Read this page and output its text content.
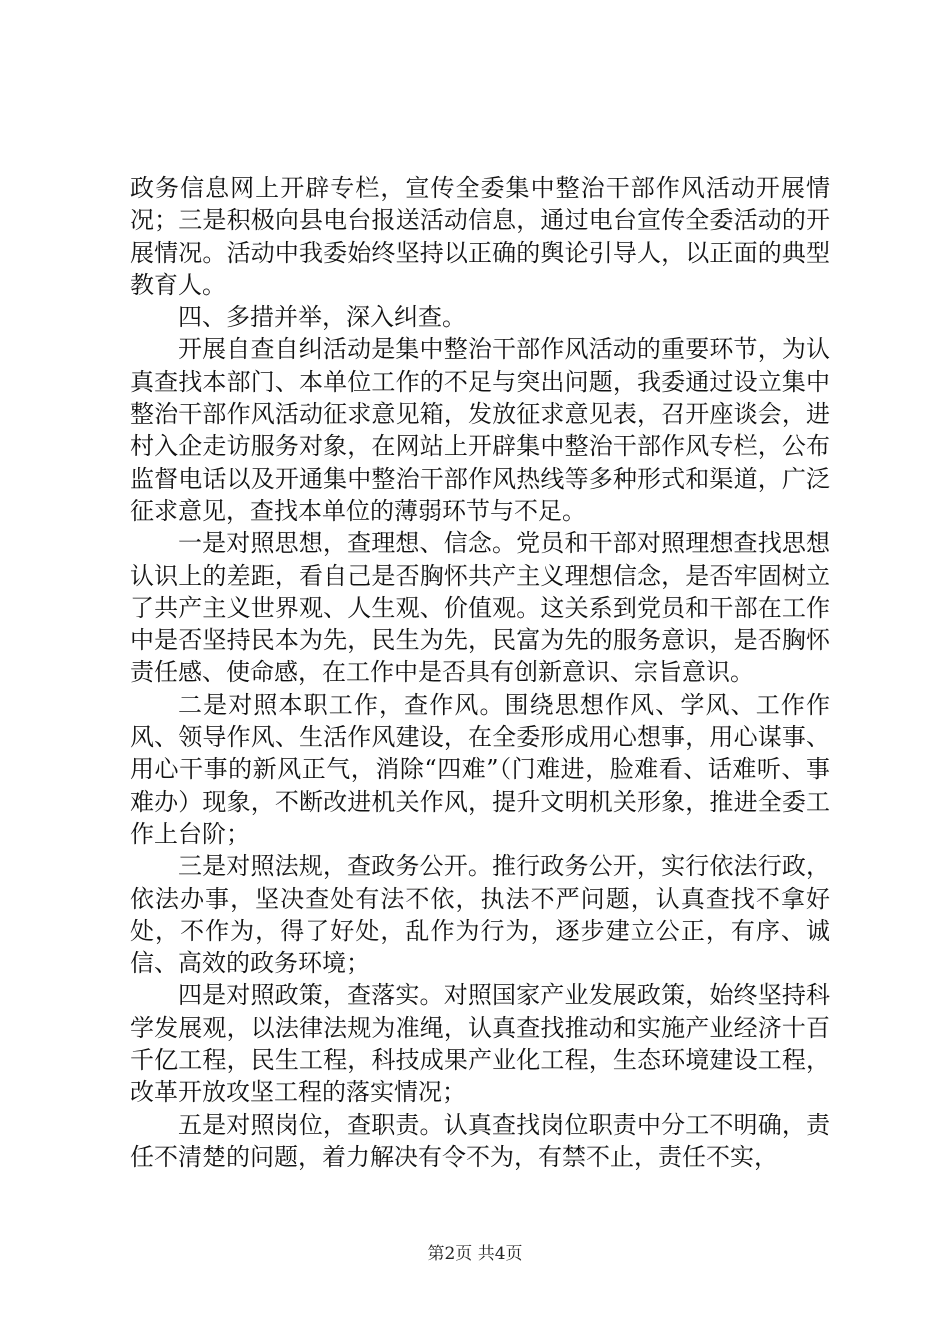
政务信息网上开辟专栏，宣传全委集中整治干部作风活动开展情况；三是积极向县电台报送活动信息，通过电台宣传全委活动的开展情况。活动中我委始终坚持以正确的舆论引导人，以正面的典型教育人。

四、多措并举，深入纠查。

开展自查自纠活动是集中整治干部作风活动的重要环节，为认真查找本部门、本单位工作的不足与突出问题，我委通过设立集中整治干部作风活动征求意见箱，发放征求意见表，召开座谈会，进村入企走访服务对象，在网站上开辟集中整治干部作风专栏，公布监督电话以及开通集中整治干部作风热线等多种形式和渠道，广泛征求意见，查找本单位的薄弱环节与不足。

一是对照思想，查理想、信念。党员和干部对照理想查找思想认识上的差距，看自己是否胸怀共产主义理想信念，是否牢固树立了共产主义世界观、人生观、价值观。这关系到党员和干部在工作中是否坚持民本为先，民生为先，民富为先的服务意识，是否胸怀责任感、使命感，在工作中是否具有创新意识、宗旨意识。

二是对照本职工作，查作风。围绕思想作风、学风、工作作风、领导作风、生活作风建设，在全委形成用心想事，用心谋事、用心干事的新风正气，消除“四难”（门难进，脸难看、话难听、事难办）现象，不断改进机关作风，提升文明机关形象，推进全委工作上台阶；

三是对照法规，查政务公开。推行政务公开，实行依法行政，依法办事，坚决查处有法不依，执法不严问题，认真查找不拿好处，不作为，得了好处，乱作为行为，逐步建立公正，有序、诚信、高效的政务环境；

四是对照政策，查落实。对照国家产业发展政策，始终坚持科学发展观，以法律法规为准绳，认真查找推动和实施产业经济十百千亿工程，民生工程，科技成果产业化工程，生态环境建设工程，改革开放攻坚工程的落实情况；

五是对照岗位，查职责。认真查找岗位职责中分工不明确，责任不清楚的问题，着力解决有令不为，有禁不止，责任不实，

第2页 共4页
